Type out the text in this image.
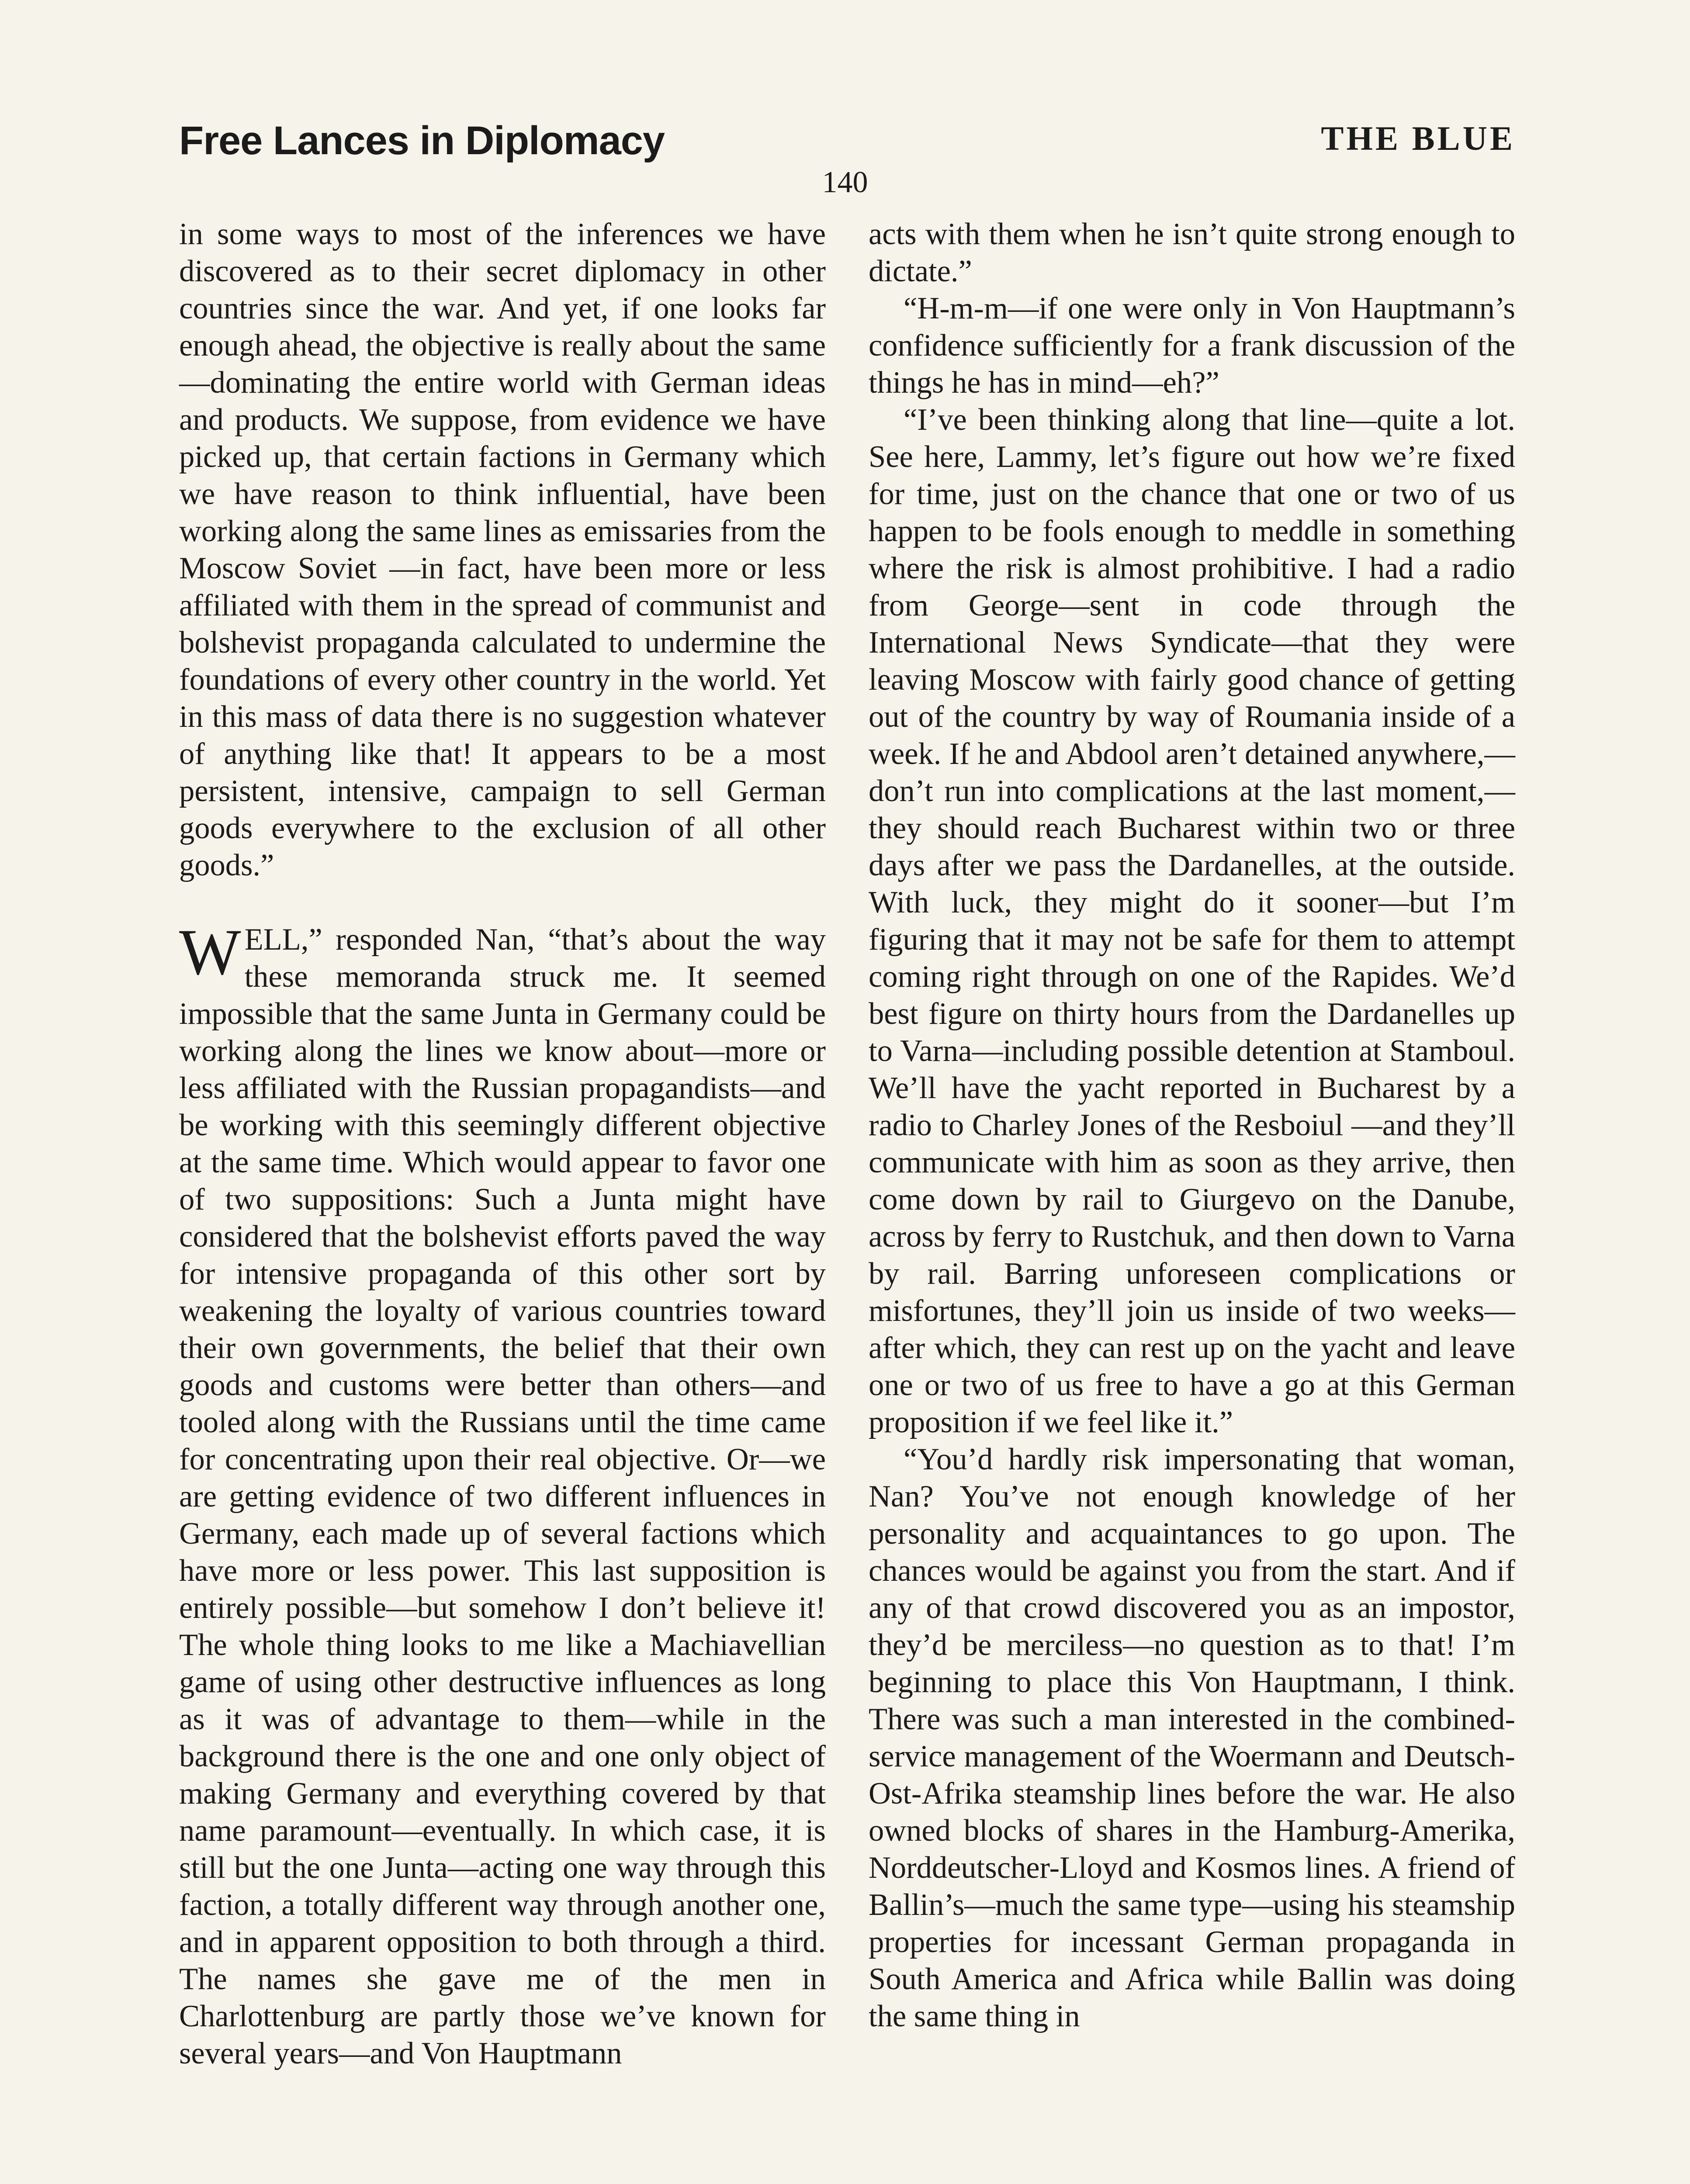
Free Lances in Diplomacy	THE BLUE
140

in some ways to most of the inferences we have discovered as to their secret diplomacy in other countries since the war. And yet, if one looks far enough ahead, the objective is really about the same—dominating the entire world with German ideas and products. We suppose, from evidence we have picked up, that certain factions in Germany which we have reason to think influential, have been working along the same lines as emissaries from the Moscow Soviet —in fact, have been more or less affiliated with them in the spread of communist and bolshevist propaganda calculated to undermine the foundations of every other country in the world. Yet in this mass of data there is no suggestion whatever of anything like that! It appears to be a most persistent, intensive, campaign to sell German goods everywhere to the exclusion of all other goods.”

WELL,” responded Nan, “that’s about the way these memoranda struck me. It seemed impossible that the same Junta in Germany could be working along the lines we know about—more or less affiliated with the Russian propagandists—and be working with this seemingly different objective at the same time. Which would appear to favor one of two suppositions: Such a Junta might have considered that the bolshevist efforts paved the way for intensive propaganda of this other sort by weakening the loyalty of various countries toward their own governments, the belief that their own goods and customs were better than others—and tooled along with the Russians until the time came for concentrating upon their real objective. Or—we are getting evidence of two different influences in Germany, each made up of several factions which have more or less power. This last supposition is entirely possible—but somehow I don’t believe it! The whole thing looks to me like a Machiavellian game of using other destructive influences as long as it was of advantage to them—while in the background there is the one and one only object of making Germany and everything covered by that name paramount—eventually. In which case, it is still but the one Junta—acting one way through this faction, a totally different way through another one, and in apparent opposition to both through a third. The names she gave me of the men in Charlottenburg are partly those we’ve known for several years—and Von Hauptmann

acts with them when he isn’t quite strong enough to dictate.”

“H-m-m—if one were only in Von Hauptmann’s confidence sufficiently for a frank discussion of the things he has in mind—eh?”

“I’ve been thinking along that line—quite a lot. See here, Lammy, let’s figure out how we’re fixed for time, just on the chance that one or two of us happen to be fools enough to meddle in something where the risk is almost prohibitive. I had a radio from George—sent in code through the International News Syndicate—that they were leaving Moscow with fairly good chance of getting out of the country by way of Roumania inside of a week. If he and Abdool aren’t detained anywhere,—don’t run into complications at the last moment,—they should reach Bucharest within two or three days after we pass the Dardanelles, at the outside. With luck, they might do it sooner—but I’m figuring that it may not be safe for them to attempt coming right through on one of the Rapides. We’d best figure on thirty hours from the Dardanelles up to Varna—including possible detention at Stamboul. We’ll have the yacht reported in Bucharest by a radio to Charley Jones of the Resboiul —and they’ll communicate with him as soon as they arrive, then come down by rail to Giurgevo on the Danube, across by ferry to Rustchuk, and then down to Varna by rail. Barring unforeseen complications or misfortunes, they’ll join us inside of two weeks—after which, they can rest up on the yacht and leave one or two of us free to have a go at this German proposition if we feel like it.”

“You’d hardly risk impersonating that woman, Nan? You’ve not enough knowledge of her personality and acquaintances to go upon. The chances would be against you from the start. And if any of that crowd discovered you as an impostor, they’d be merciless—no question as to that! I’m beginning to place this Von Hauptmann, I think. There was such a man interested in the combined-service management of the Woermann and Deutsch-Ost-Afrika steamship lines before the war. He also owned blocks of shares in the Hamburg-Amerika, Norddeutscher-Lloyd and Kosmos lines. A friend of Ballin’s—much the same type—using his steamship properties for incessant German propaganda in South America and Africa while Ballin was doing the same thing in
